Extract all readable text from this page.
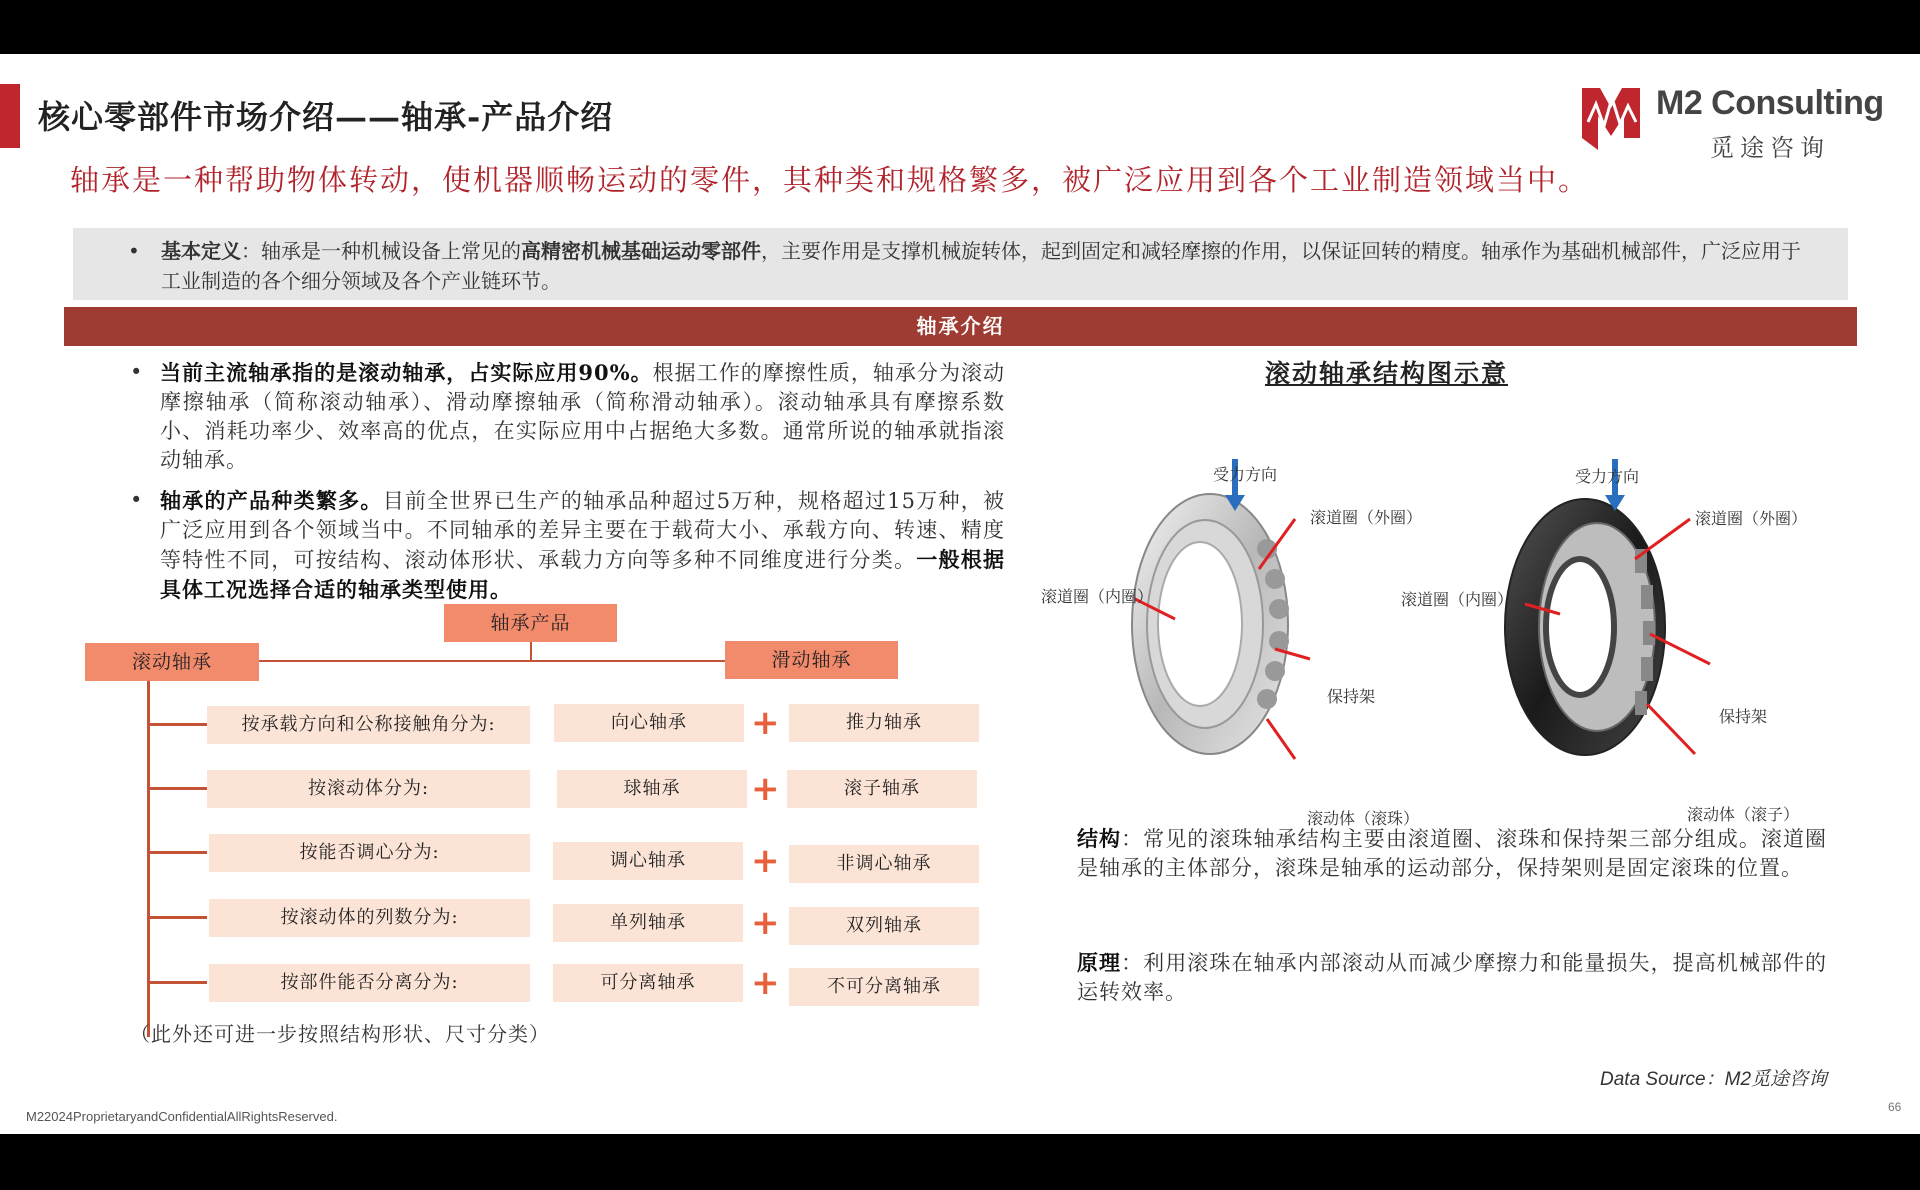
核心零部件市场介绍——轴承-产品介绍	M2 Consulting
觅途咨询
轴承是一种帮助物体转动，使机器顺畅运动的零件，其种类和规格繁多，被广泛应用到各个工业制造领域当中。
• 基本定义：轴承是一种机械设备上常见的高精密机械基础运动零部件，主要作用是支撑机械旋转体，起到固定和减轻摩擦的作用，以保证回转的精度。轴承作为基础机械部件，广泛应用于工业制造的各个细分领域及各个产业链环节。
轴承介绍
• 当前主流轴承指的是滚动轴承，占实际应用90%。根据工作的摩擦性质，轴承分为滚动摩擦轴承（简称滚动轴承）、滑动摩擦轴承（简称滑动轴承）。滚动轴承具有摩擦系数小、消耗功率少、效率高的优点，在实际应用中占据绝大多数。通常所说的轴承就指滚动轴承。
• 轴承的产品种类繁多。目前全世界已生产的轴承品种超过5万种，规格超过15万种，被广泛应用到各个领域当中。不同轴承的差异主要在于载荷大小、承载方向、转速、精度等特性不同，可按结构、滚动体形状、承载力方向等多种不同维度进行分类。一般根据具体工况选择合适的轴承类型使用。
轴承产品
滚动轴承	滑动轴承
按承载方向和公称接触角分为:	向心轴承	+	推力轴承
按滚动体分为:	球轴承	+	滚子轴承
按能否调心分为:	调心轴承	+	非调心轴承
按滚动体的列数分为:	单列轴承	+	双列轴承
按部件能否分离分为:	可分离轴承	+	不可分离轴承
（此外还可进一步按照结构形状、尺寸分类）
滚动轴承结构图示意
受力方向
滚道圈（外圈）
滚道圈（内圈）
保持架
滚动体（滚珠）
受力方向
滚道圈（外圈）
滚道圈（内圈）
保持架
滚动体（滚子）
结构：常见的滚珠轴承结构主要由滚道圈、滚珠和保持架三部分组成。滚道圈是轴承的主体部分，滚珠是轴承的运动部分，保持架则是固定滚珠的位置。
原理：利用滚珠在轴承内部滚动从而减少摩擦力和能量损失，提高机械部件的运转效率。
Data Source：M2觅途咨询
M22024ProprietaryandConfidentialAllRightsReserved.
66
